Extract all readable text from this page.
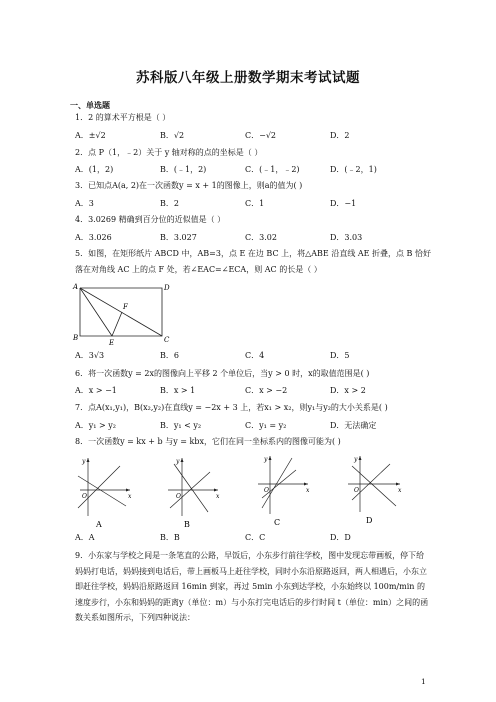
苏科版八年级上册数学期末考试试题
一、单选题
1．2 的算术平方根是（ ）
A．±√2	B．√2	C．−√2	D．2
2．点 P（1，﹣2）关于 y 轴对称的点的坐标是（ ）
A．(1，2)	B．(﹣1，2)	C．(﹣1，﹣2)	D．(﹣2，1)
3．已知点A(a, 2)在一次函数y = x + 1的图像上，则a的值为( )
A．3	B．2	C．1	D．−1
4．3.0269 精确到百分位的近似值是（ ）
A．3.026	B．3.027	C．3.02	D．3.03
5．如图，在矩形纸片 ABCD 中，AB=3，点 E 在边 BC 上，将△ABE 沿直线 AE 折叠，点 B 恰好落在对角线 AC 上的点 F 处，若∠EAC=∠ECA，则 AC 的长是（ ）
A	D
B	C
E
F
A．3√3	B．6	C．4	D．5
6．将一次函数y = 2x的图像向上平移 2 个单位后，当y > 0 时，x的取值范围是( )
A．x > −1	B．x > 1	C．x > −2	D．x > 2
7．点A(x₁,y₁)，B(x₂,y₂)在直线y = −2x + 3 上，若x₁ > x₂，则y₁与y₂的大小关系是( )
A．y₁ > y₂	B．y₁ < y₂	C．y₁ = y₂	D．无法确定
8．一次函数y = kx + b 与y = kbx，它们在同一坐标系内的图像可能为( )
y
x
O
A
y
x
O
B
y
x
O
C
y
x
O
D
A．A	B．B	C．C	D．D
9．小东家与学校之间是一条笔直的公路，早饭后，小东步行前往学校，图中发现忘带画板，停下给妈妈打电话，妈妈接到电话后，带上画板马上赶往学校，同时小东沿原路返回，两人相遇后，小东立即赶往学校，妈妈沿原路返回 16min 到家，再过 5min 小东到达学校，小东始终以 100m/min 的速度步行，小东和妈妈的距离y（单位：m）与小东打完电话后的步行时间 t（单位：min）之间的函数关系如图所示，下列四种说法：
1
